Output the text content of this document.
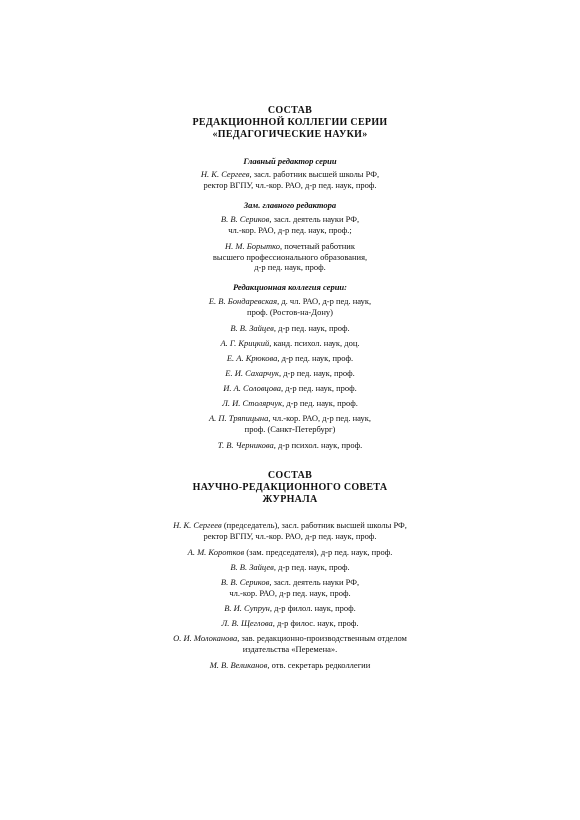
СОСТАВ
РЕДАКЦИОННОЙ КОЛЛЕГИИ СЕРИИ
«ПЕДАГОГИЧЕСКИЕ НАУКИ»
Главный редактор серии
Н. К. Сергеев, засл. работник высшей школы РФ,
ректор ВГПУ, чл.-кор. РАО, д-р пед. наук, проф.
Зам. главного редактора
В. В. Сериков, засл. деятель науки РФ,
чл.-кор. РАО, д-р пед. наук, проф.;
Н. М. Борытко, почетный работник
высшего профессионального образования,
д-р пед. наук, проф.
Редакционная коллегия серии:
Е. В. Бондаревская, д. чл. РАО, д-р пед. наук,
проф. (Ростов-на-Дону)
В. В. Зайцев, д-р пед. наук, проф.
А. Г. Крицкий, канд. психол. наук, доц.
Е. А. Крюкова, д-р пед. наук, проф.
Е. И. Сахарчук, д-р пед. наук, проф.
И. А. Соловцова, д-р пед. наук, проф.
Л. И. Столярчук, д-р пед. наук, проф.
А. П. Тряпицына, чл.-кор. РАО, д-р пед. наук,
проф. (Санкт-Петербург)
Т. В. Черникова, д-р психол. наук, проф.
СОСТАВ
НАУЧНО-РЕДАКЦИОННОГО СОВЕТА
ЖУРНАЛА
Н. К. Сергеев (председатель), засл. работник высшей школы РФ,
ректор ВГПУ, чл.-кор. РАО, д-р пед. наук, проф.
А. М. Коротков (зам. председателя), д-р пед. наук, проф.
В. В. Зайцев, д-р пед. наук, проф.
В. В. Сериков, засл. деятель науки РФ,
чл.-кор. РАО, д-р пед. наук, проф.
В. И. Супрун, д-р филол. наук, проф.
Л. В. Щеглова, д-р филос. наук, проф.
О. И. Молоканова, зав. редакционно-производственным отделом
издательства «Перемена».
М. В. Великанов, отв. секретарь редколлегии
